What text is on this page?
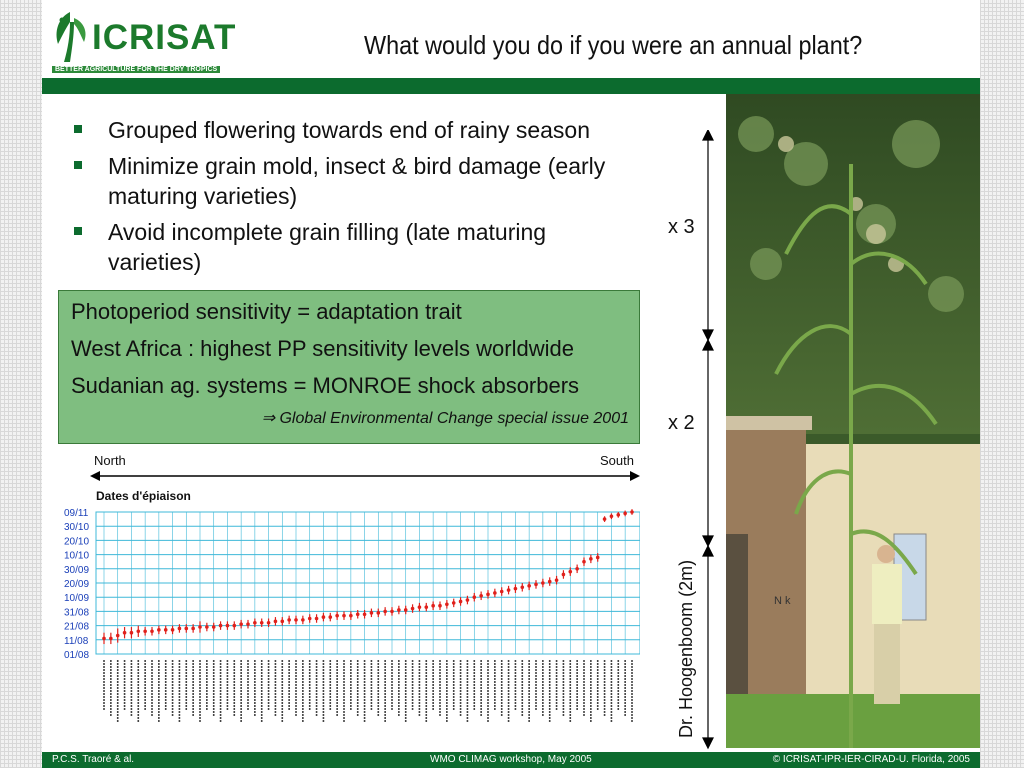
ICRISAT
BETTER AGRICULTURE FOR THE DRY TROPICS
What would you do if you were an annual plant?
Grouped flowering towards end of rainy season
Minimize grain mold, insect & bird damage (early maturing varieties)
Avoid incomplete grain filling (late maturing varieties)

Photoperiod sensitivity = adaptation trait

West Africa : highest PP sensitivity levels worldwide

Sudanian ag. systems = MONROE shock absorbers

⇒ Global Environmental Change special issue 2001
North	South
Dates d'épiaison
09/11
30/10
20/10
10/10
30/09
20/09
10/09
31/08
21/08
11/08
01/08
x 3
x 2
Dr. Hoogenboom (2m)	N k
P.C.S. Traoré & al.	WMO CLIMAG workshop, May 2005	© ICRISAT-IPR-IER-CIRAD-U. Florida, 2005
